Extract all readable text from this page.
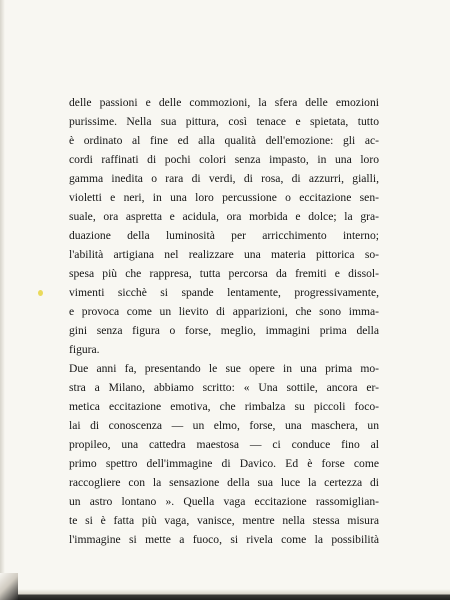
delle passioni e delle commozioni, la sfera delle emozioni
purissime. Nella sua pittura, così tenace e spietata, tutto
è ordinato al fine ed alla qualità dell'emozione: gli ac-
cordi raffinati di pochi colori senza impasto, in una loro
gamma inedita o rara di verdi, di rosa, di azzurri, gialli,
violetti e neri, in una loro percussione o eccitazione sen-
suale, ora aspretta e acidula, ora morbida e dolce; la gra-
duazione della luminosità per arricchimento interno;
l'abilità artigiana nel realizzare una materia pittorica so-
spesa più che rappresa, tutta percorsa da fremiti e dissol-
vimenti sicchè si spande lentamente, progressivamente,
e provoca come un lievito di apparizioni, che sono imma-
gini senza figura o forse, meglio, immagini prima della
figura.
Due anni fa, presentando le sue opere in una prima mo-
stra a Milano, abbiamo scritto: « Una sottile, ancora er-
metica eccitazione emotiva, che rimbalza su piccoli foco-
lai di conoscenza — un elmo, forse, una maschera, un
propileo, una cattedra maestosa — ci conduce fino al
primo spettro dell'immagine di Davico. Ed è forse come
raccogliere con la sensazione della sua luce la certezza di
un astro lontano ». Quella vaga eccitazione rassomiglian-
te si è fatta più vaga, vanisce, mentre nella stessa misura
l'immagine si mette a fuoco, si rivela come la possibilità
